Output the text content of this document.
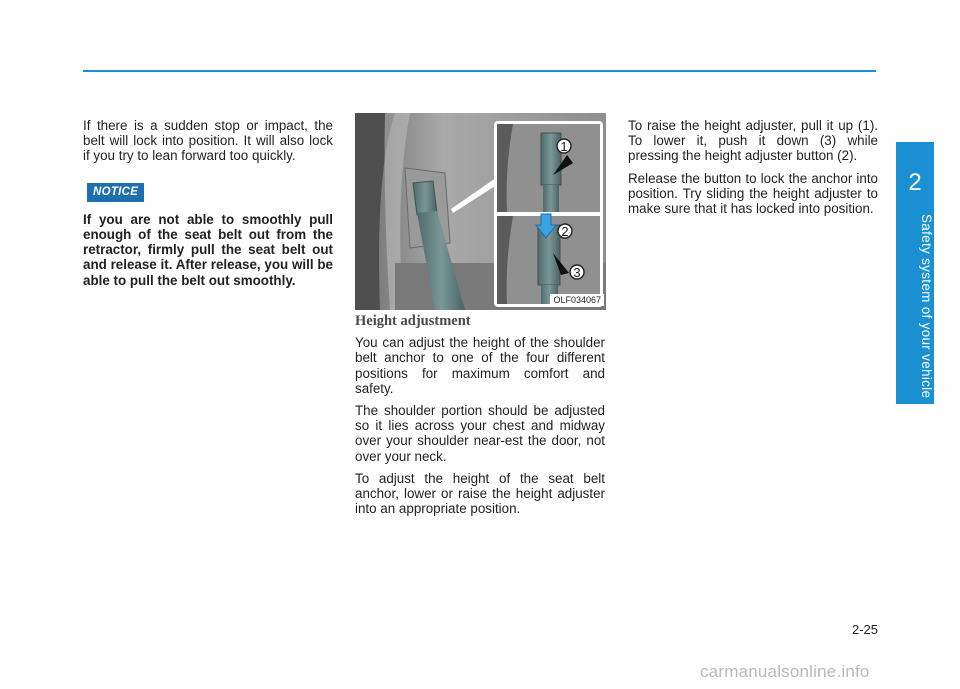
If there is a sudden stop or impact, the belt will lock into position. It will also lock if you try to lean forward too quickly.

NOTICE

If you are not able to smoothly pull enough of the seat belt out from the retractor, firmly pull the seat belt out and release it. After release, you will be able to pull the belt out smoothly.

1
2
3
OLF034067
Height adjustment

You can adjust the height of the shoulder belt anchor to one of the four different positions for maximum comfort and safety.

The shoulder portion should be adjusted so it lies across your chest and midway over your shoulder near-est the door, not over your neck.

To adjust the height of the seat belt anchor, lower or raise the height adjuster into an appropriate position.

To raise the height adjuster, pull it up (1). To lower it, push it down (3) while pressing the height adjuster button (2).

Release the button to lock the anchor into position. Try sliding the height adjuster to make sure that it has locked into position.

2
Safety system of your vehicle
2-25
carmanualsonline.info
